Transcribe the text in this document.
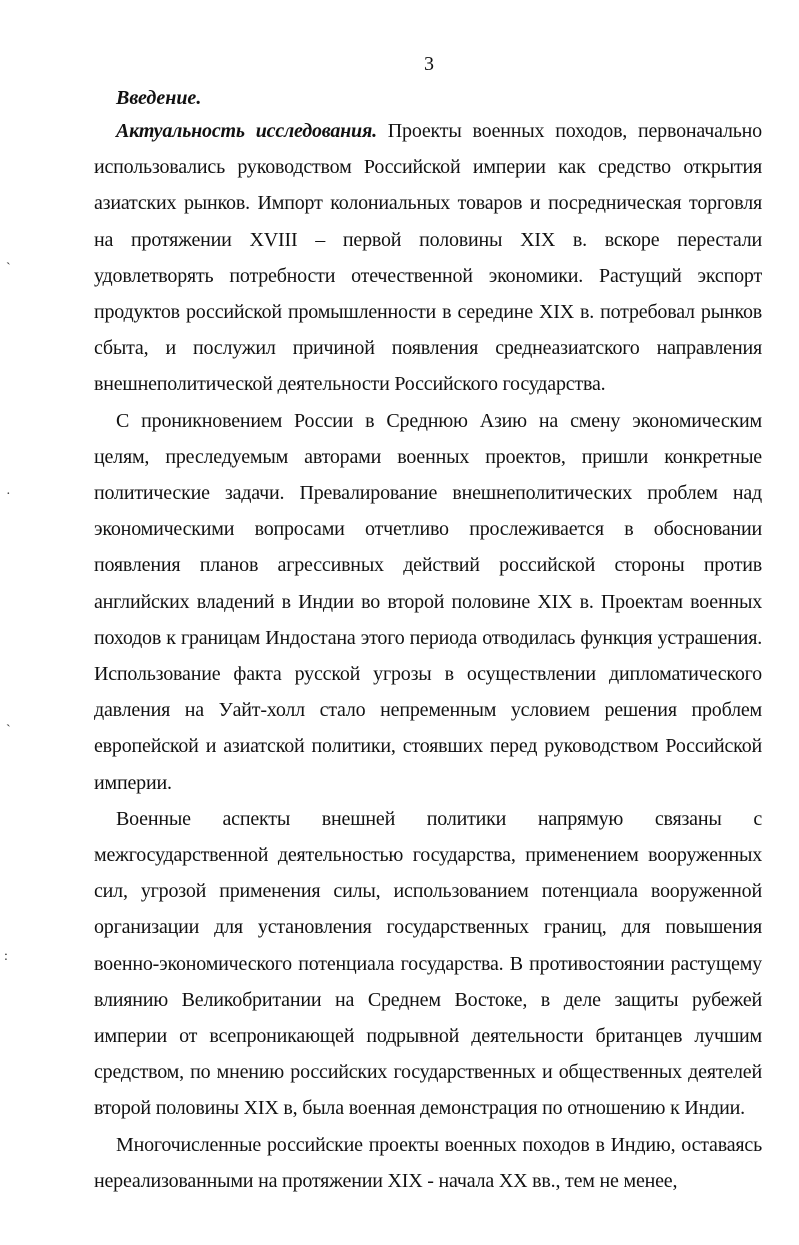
3
Введение.

Актуальность исследования. Проекты военных походов, первоначально использовались руководством Российской империи как средство открытия азиатских рынков. Импорт колониальных товаров и посредническая торговля на протяжении XVIII – первой половины XIX в. вскоре перестали удовлетворять потребности отечественной экономики. Растущий экспорт продуктов российской промышленности в середине XIX в. потребовал рынков сбыта, и послужил причиной появления среднеазиатского направления внешнеполитической деятельности Российского государства.

С проникновением России в Среднюю Азию на смену экономическим целям, преследуемым авторами военных проектов, пришли конкретные политические задачи. Превалирование внешнеполитических проблем над экономическими вопросами отчетливо прослеживается в обосновании появления планов агрессивных действий российской стороны против английских владений в Индии во второй половине XIX в. Проектам военных походов к границам Индостана этого периода отводилась функция устрашения. Использование факта русской угрозы в осуществлении дипломатического давления на Уайт-холл стало непременным условием решения проблем европейской и азиатской политики, стоявших перед руководством Российской империи.

Военные аспекты внешней политики напрямую связаны с межгосударственной деятельностью государства, применением вооруженных сил, угрозой применения силы, использованием потенциала вооруженной организации для установления государственных границ, для повышения военно-экономического потенциала государства. В противостоянии растущему влиянию Великобритании на Среднем Востоке, в деле защиты рубежей империи от всепроникающей подрывной деятельности британцев лучшим средством, по мнению российских государственных и общественных деятелей второй половины XIX в, была военная демонстрация по отношению к Индии.

Многочисленные российские проекты военных походов в Индию, оставаясь нереализованными на протяжении XIX - начала XX вв., тем не менее,

`
·
`
:
